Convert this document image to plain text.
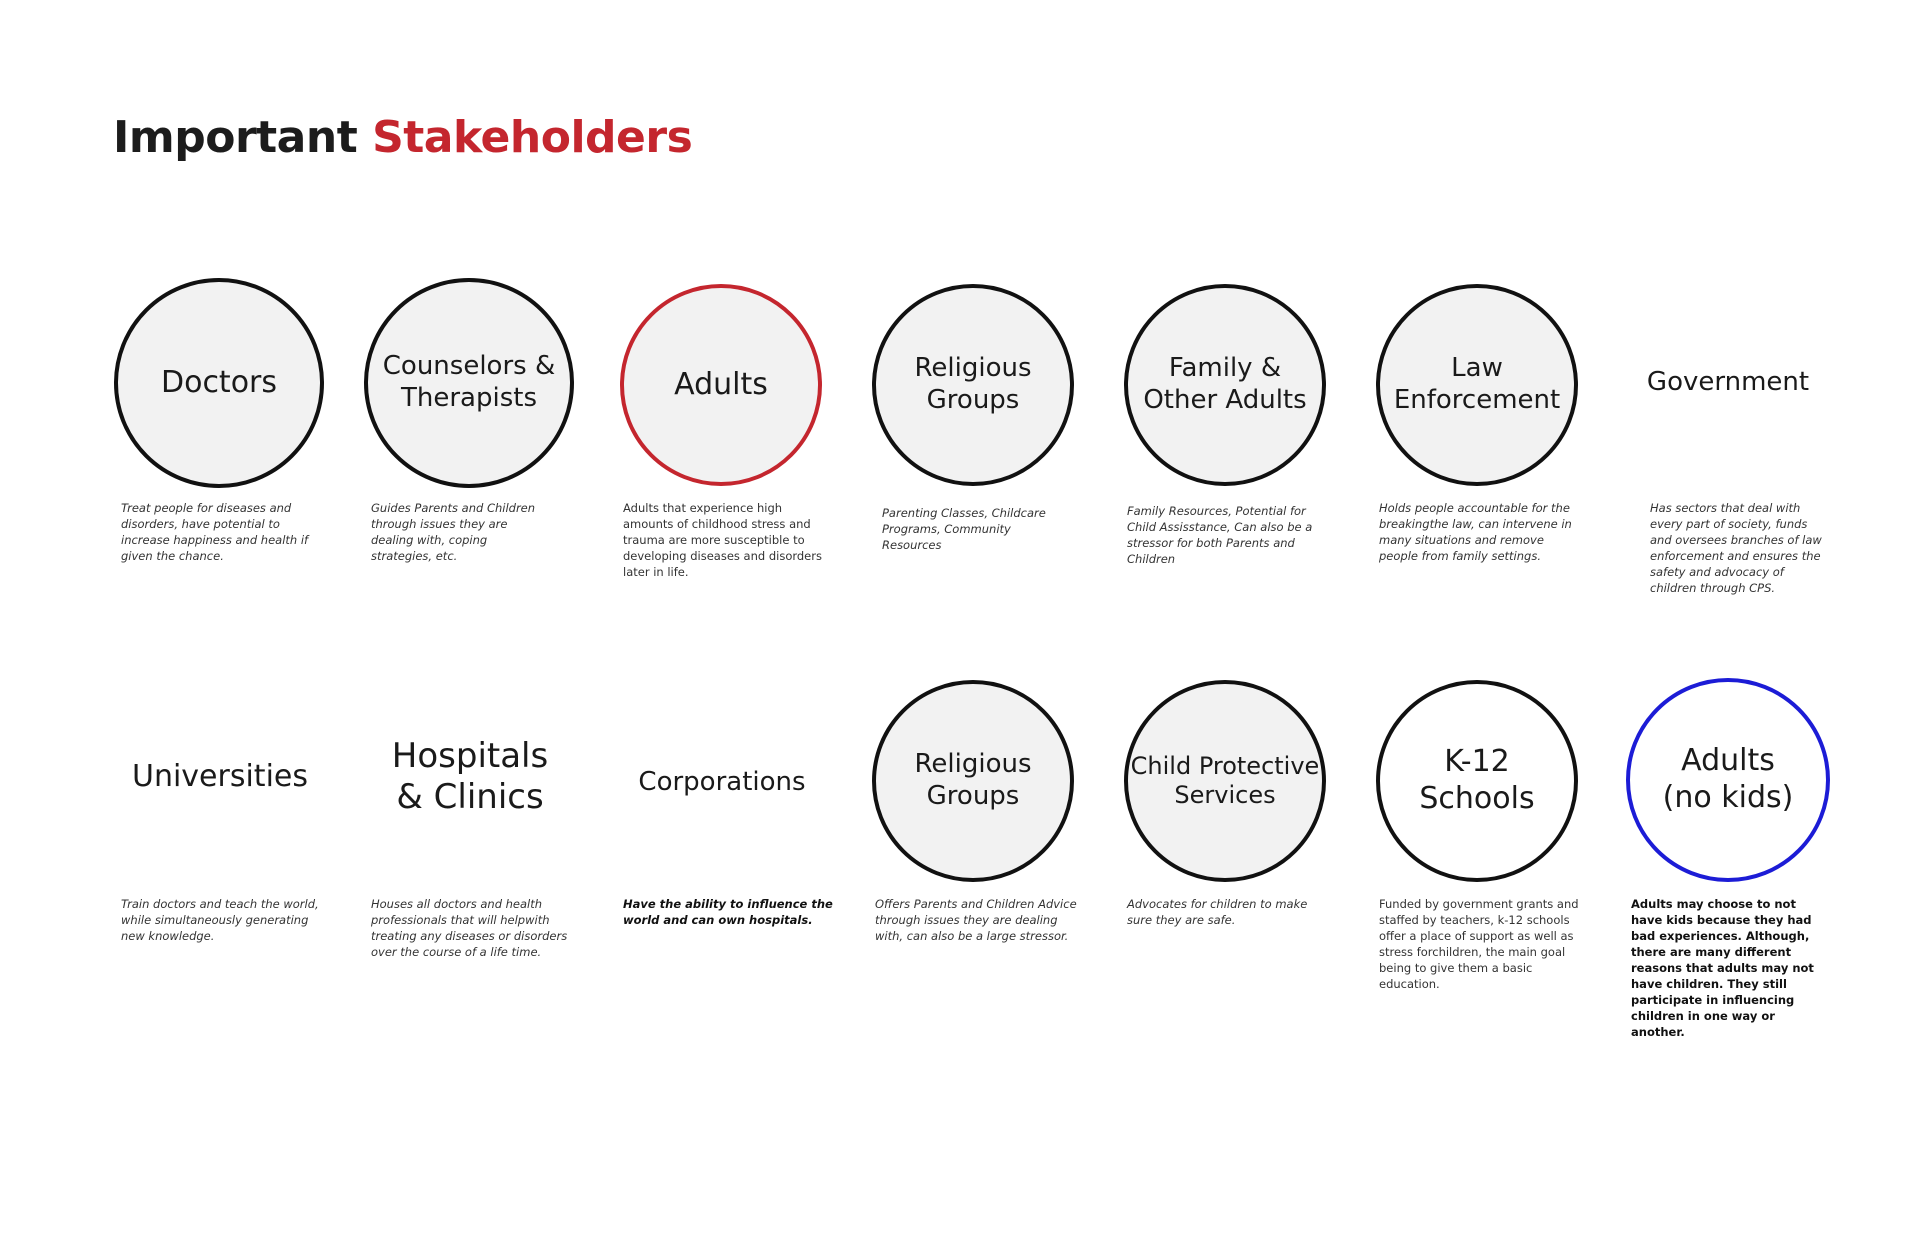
Important Stakeholders
Doctors

Treat people for diseases and disorders, have potential to increase happiness and health if given the chance.

Counselors &
Therapists

Guides Parents and Children through issues they are dealing with, coping strategies, etc.

Adults

Adults that experience high amounts of childhood stress and trauma are more susceptible to developing diseases and disorders later in life.

Religious
Groups

Parenting Classes, Childcare Programs, Community Resources

Family &
Other Adults

Family Resources, Potential for Child Assisstance, Can also be a stressor for both Parents and Children

Law
Enforcement

Holds people accountable for the breakingthe law, can intervene in many situations and remove people from family settings.

Government

Has sectors that deal with every part of society, funds and oversees branches of law enforcement and ensures the safety and advocacy of children through CPS.

Universities

Train doctors and teach the world, while simultaneously generating new knowledge.

Hospitals
& Clinics

Houses all doctors and health professionals that will helpwith treating any diseases or disorders over the course of a life time.

Corporations

Have the ability to influence the world and can own hospitals.

Religious
Groups

Offers Parents and Children Advice through issues they are dealing with, can also be a large stressor.

Child Protective
Services

Advocates for children to make sure they are safe.

K-12
Schools

Funded by government grants and staffed by teachers, k-12 schools offer a place of support as well as stress forchildren, the main goal being to give them a basic education.

Adults
(no kids)

Adults may choose to not have kids because they had bad experiences. Although, there are many different reasons that adults may not have children. They still participate in influencing children in one way or another.
